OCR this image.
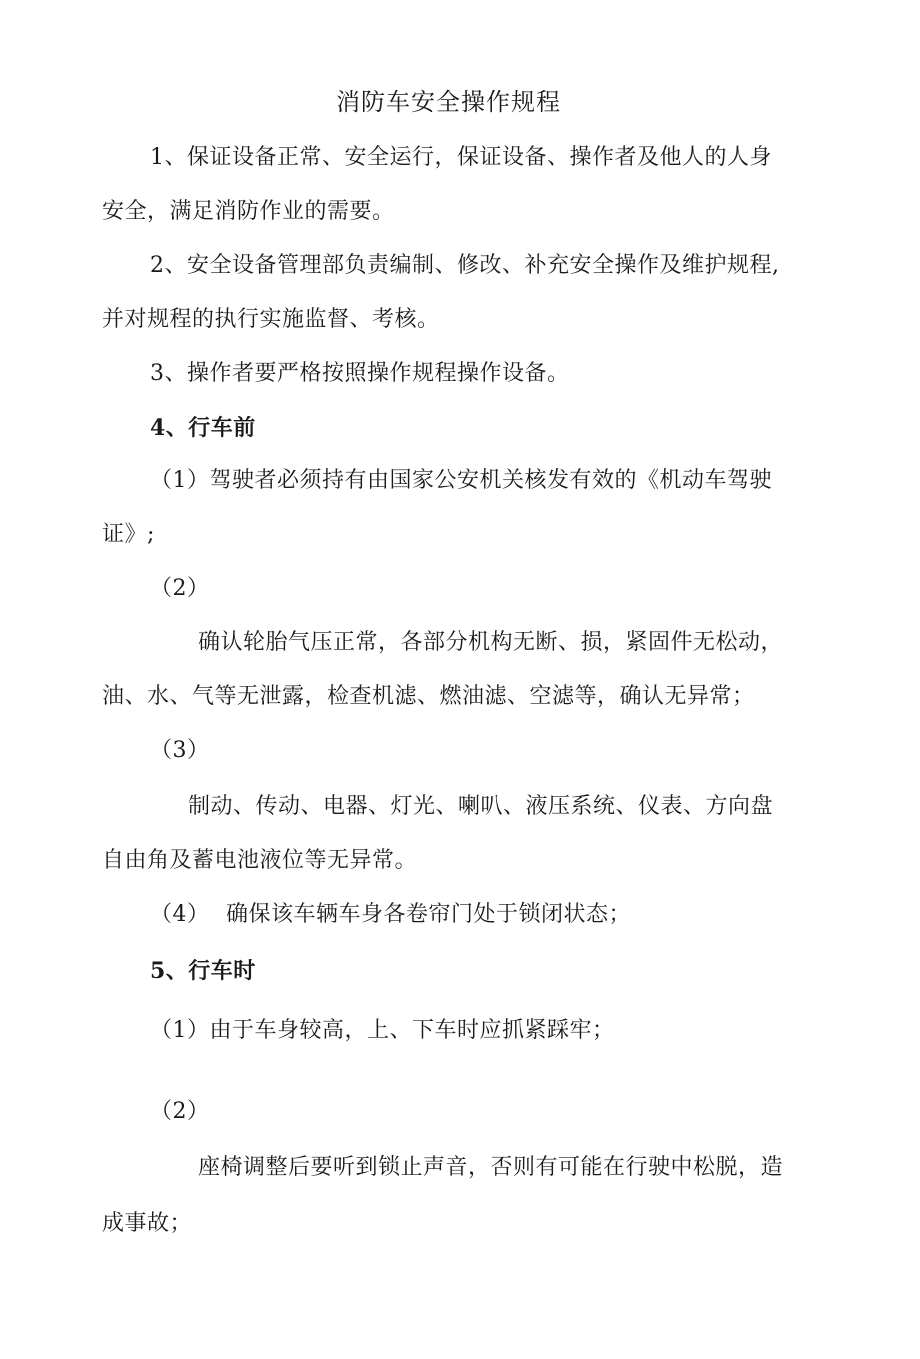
消防车安全操作规程
1、保证设备正常、安全运行，保证设备、操作者及他人的人身
安全，满足消防作业的需要。
2、安全设备管理部负责编制、修改、补充安全操作及维护规程,
并对规程的执行实施监督、考核。
3、操作者要严格按照操作规程操作设备。
4、行车前
（1）驾驶者必须持有由国家公安机关核发有效的《机动车驾驶
证》;
（2）
确认轮胎气压正常，各部分机构无断、损，紧固件无松动，
油、水、气等无泄露，检查机滤、燃油滤、空滤等，确认无异常；
（3）
制动、传动、电器、灯光、喇叭、液压系统、仪表、方向盘
自由角及蓄电池液位等无异常。
（4） 确保该车辆车身各卷帘门处于锁闭状态；
5、行车时
（1）由于车身较高，上、下车时应抓紧踩牢；
（2）
座椅调整后要听到锁止声音，否则有可能在行驶中松脱，造
成事故；
